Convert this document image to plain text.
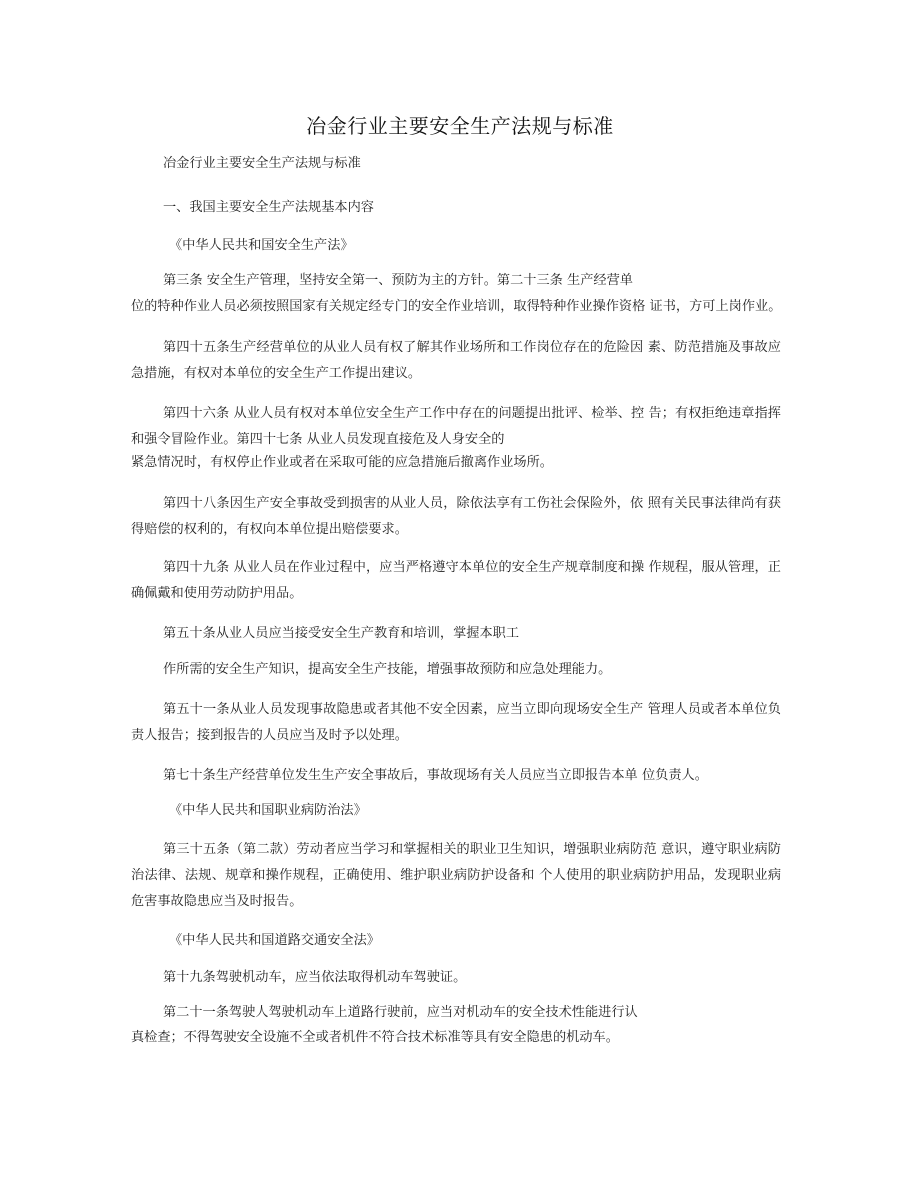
冶金行业主要安全生产法规与标准
冶金行业主要安全生产法规与标准
一、我国主要安全生产法规基本内容
《中华人民共和国安全生产法》
第三条 安全生产管理，坚持安全第一、预防为主的方针。第二十三条 生产经营单
位的特种作业人员必须按照国家有关规定经专门的安全作业培训，取得特种作业操作资格 证书，方可上岗作业。
第四十五条生产经营单位的从业人员有权了解其作业场所和工作岗位存在的危险因 素、防范措施及事故应急措施，有权对本单位的安全生产工作提出建议。
第四十六条 从业人员有权对本单位安全生产工作中存在的问题提出批评、检举、控 告；有权拒绝违章指挥和强令冒险作业。第四十七条 从业人员发现直接危及人身安全的
紧急情况时，有权停止作业或者在采取可能的应急措施后撤离作业场所。
第四十八条因生产安全事故受到损害的从业人员，除依法享有工伤社会保险外，依 照有关民事法律尚有获得赔偿的权利的，有权向本单位提出赔偿要求。
第四十九条 从业人员在作业过程中，应当严格遵守本单位的安全生产规章制度和操 作规程，服从管理，正确佩戴和使用劳动防护用品。
第五十条从业人员应当接受安全生产教育和培训，掌握本职工
作所需的安全生产知识，提高安全生产技能，增强事故预防和应急处理能力。
第五十一条从业人员发现事故隐患或者其他不安全因素，应当立即向现场安全生产 管理人员或者本单位负责人报告；接到报告的人员应当及时予以处理。
第七十条生产经营单位发生生产安全事故后，事故现场有关人员应当立即报告本单 位负责人。
《中华人民共和国职业病防治法》
第三十五条（第二款）劳动者应当学习和掌握相关的职业卫生知识，增强职业病防范 意识，遵守职业病防治法律、法规、规章和操作规程，正确使用、维护职业病防护设备和 个人使用的职业病防护用品，发现职业病危害事故隐患应当及时报告。
《中华人民共和国道路交通安全法》
第十九条驾驶机动车，应当依法取得机动车驾驶证。
第二十一条驾驶人驾驶机动车上道路行驶前，应当对机动车的安全技术性能进行认
真检查；不得驾驶安全设施不全或者机件不符合技术标准等具有安全隐患的机动车。
